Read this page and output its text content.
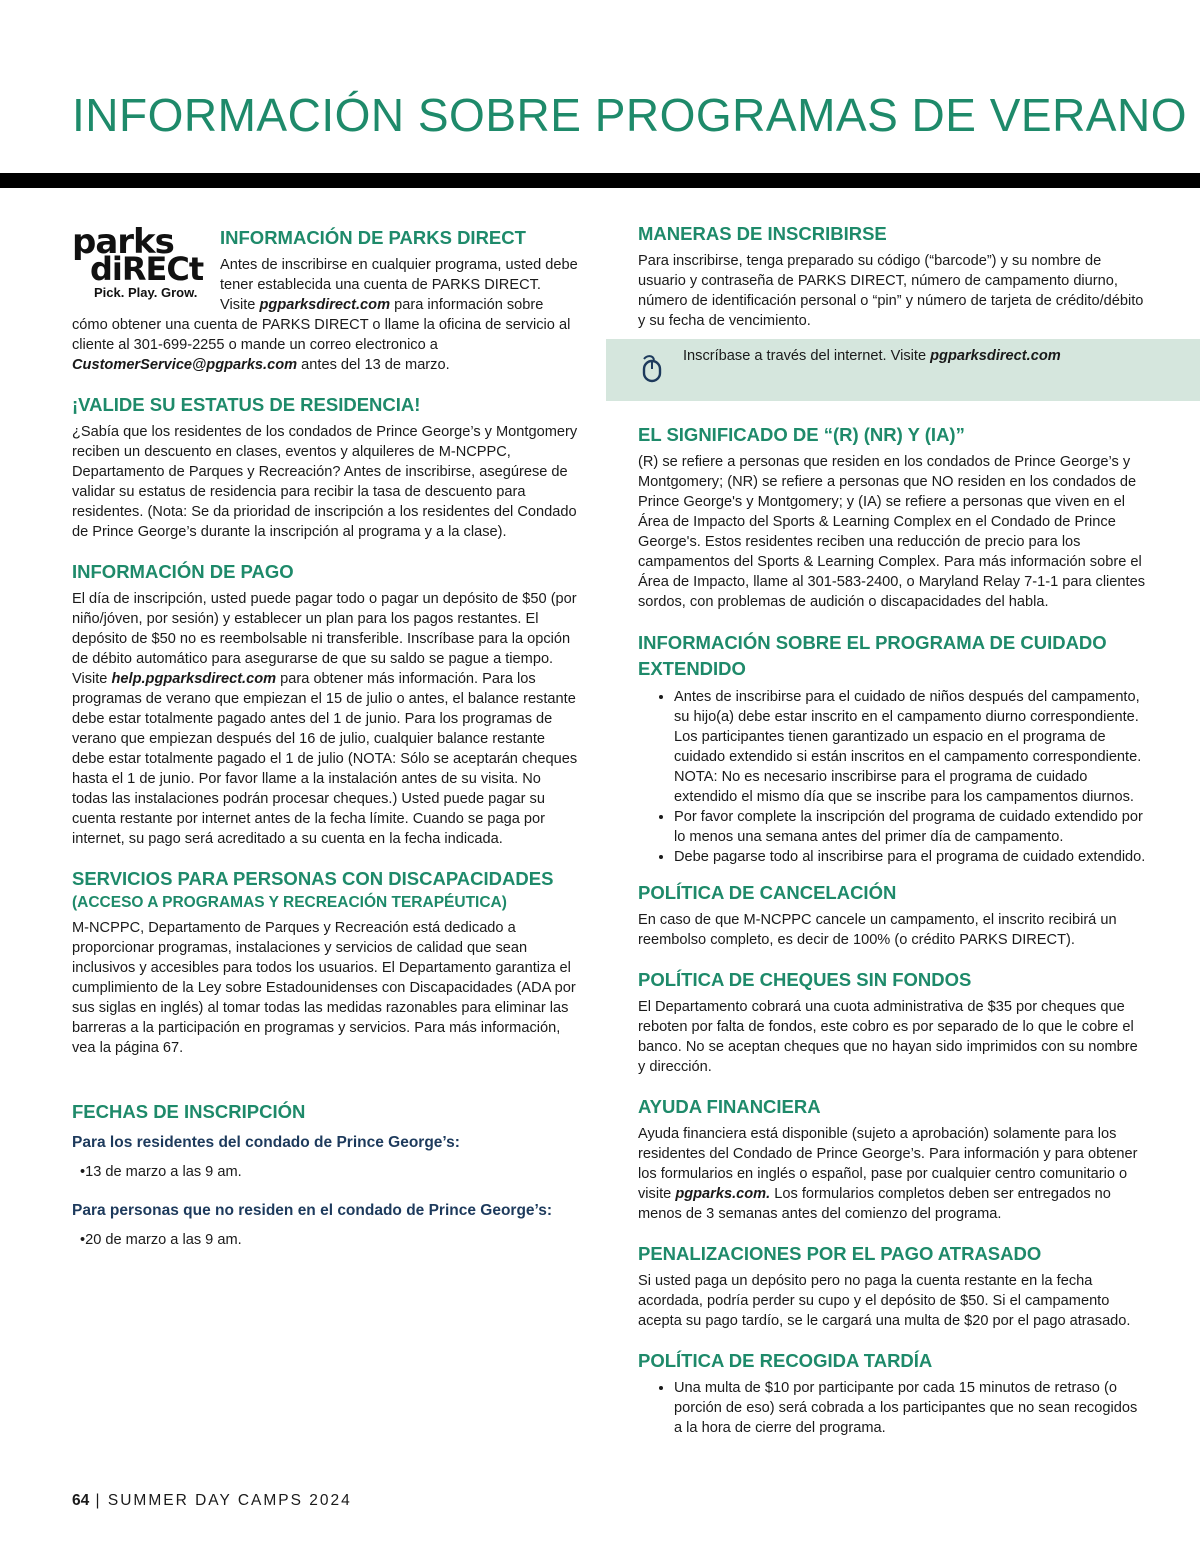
INFORMACIÓN SOBRE PROGRAMAS DE VERANO
parks
diRECt
Pick. Play. Grow.
INFORMACIÓN DE PARKS DIRECT

Antes de inscribirse en cualquier programa, usted debe tener establecida una cuenta de PARKS DIRECT. Visite pgparksdirect.com para información sobre cómo obtener una cuenta de PARKS DIRECT o llame la oficina de servicio al cliente al 301-699-2255 o mande un correo electronico a CustomerService@pgparks.com antes del 13 de marzo.

¡VALIDE SU ESTATUS DE RESIDENCIA!

¿Sabía que los residentes de los condados de Prince George’s y Montgomery reciben un descuento en clases, eventos y alquileres de M-NCPPC, Departamento de Parques y Recreación? Antes de inscribirse, asegúrese de validar su estatus de residencia para recibir la tasa de descuento para residentes. (Nota: Se da prioridad de inscripción a los residentes del Condado de Prince George’s durante la inscripción al programa y a la clase).

INFORMACIÓN DE PAGO

El día de inscripción, usted puede pagar todo o pagar un depósito de $50 (por niño/jóven, por sesión) y establecer un plan para los pagos restantes. El depósito de $50 no es reembolsable ni transferible. Inscríbase para la opción de débito automático para asegurarse de que su saldo se pague a tiempo. Visite help.pgparksdirect.com para obtener más información. Para los programas de verano que empiezan el 15 de julio o antes, el balance restante debe estar totalmente pagado antes del 1 de junio. Para los programas de verano que empiezan después del 16 de julio, cualquier balance restante debe estar totalmente pagado el 1 de julio (NOTA: Sólo se aceptarán cheques hasta el 1 de junio. Por favor llame a la instalación antes de su visita. No todas las instalaciones podrán procesar cheques.) Usted puede pagar su cuenta restante por internet antes de la fecha límite. Cuando se paga por internet, su pago será acreditado a su cuenta en la fecha indicada.

SERVICIOS PARA PERSONAS CON DISCAPACIDADES
(ACCESO A PROGRAMAS Y RECREACIÓN TERAPÉUTICA)

M-NCPPC, Departamento de Parques y Recreación está dedicado a proporcionar programas, instalaciones y servicios de calidad que sean inclusivos y accesibles para todos los usuarios. El Departamento garantiza el cumplimiento de la Ley sobre Estadounidenses con Discapacidades (ADA por sus siglas en inglés) al tomar todas las medidas razonables para eliminar las barreras a la participación en programas y servicios. Para más información, vea la página 67.

FECHAS DE INSCRIPCIÓN
Para los residentes del condado de Prince George’s:
•13 de marzo a las 9 am.
Para personas que no residen en el condado de Prince George’s:
•20 de marzo a las 9 am.
Inscríbase a través del internet. Visite pgparksdirect.com
MANERAS DE INSCRIBIRSE

Para inscribirse, tenga preparado su código (“barcode”) y su nombre de usuario y contraseña de PARKS DIRECT, número de campamento diurno, número de identificación personal o “pin” y número de tarjeta de crédito/débito y su fecha de vencimiento.

EL SIGNIFICADO DE “(R) (NR) Y (IA)”

(R) se refiere a personas que residen en los condados de Prince George’s y Montgomery; (NR) se refiere a personas que NO residen en los condados de Prince George's y Montgomery; y (IA) se refiere a personas que viven en el Área de Impacto del Sports & Learning Complex en el Condado de Prince George's. Estos residentes reciben una reducción de precio para los campamentos del Sports & Learning Complex. Para más información sobre el Área de Impacto, llame al 301-583-2400, o Maryland Relay 7-1-1 para clientes sordos, con problemas de audición o discapacidades del habla.

INFORMACIÓN SOBRE EL PROGRAMA DE CUIDADO EXTENDIDO
• Antes de inscribirse para el cuidado de niños después del campamento, su hijo(a) debe estar inscrito en el campamento diurno correspondiente. Los participantes tienen garantizado un espacio en el programa de cuidado extendido si están inscritos en el campamento correspondiente. NOTA: No es necesario inscribirse para el programa de cuidado extendido el mismo día que se inscribe para los campamentos diurnos.
• Por favor complete la inscripción del programa de cuidado extendido por lo menos una semana antes del primer día de campamento.
• Debe pagarse todo al inscribirse para el programa de cuidado extendido.
POLÍTICA DE CANCELACIÓN

En caso de que M-NCPPC cancele un campamento, el inscrito recibirá un reembolso completo, es decir de 100% (o crédito PARKS DIRECT).

POLÍTICA DE CHEQUES SIN FONDOS

El Departamento cobrará una cuota administrativa de $35 por cheques que reboten por falta de fondos, este cobro es por separado de lo que le cobre el banco. No se aceptan cheques que no hayan sido imprimidos con su nombre y dirección.

AYUDA FINANCIERA

Ayuda financiera está disponible (sujeto a aprobación) solamente para los residentes del Condado de Prince George’s. Para información y para obtener los formularios en inglés o español, pase por cualquier centro comunitario o visite pgparks.com. Los formularios completos deben ser entregados no menos de 3 semanas antes del comienzo del programa.

PENALIZACIONES POR EL PAGO ATRASADO

Si usted paga un depósito pero no paga la cuenta restante en la fecha acordada, podría perder su cupo y el depósito de $50. Si el campamento acepta su pago tardío, se le cargará una multa de $20 por el pago atrasado.

POLÍTICA DE RECOGIDA TARDÍA
• Una multa de $10 por participante por cada 15 minutos de retraso (o porción de eso) será cobrada a los participantes que no sean recogidos a la hora de cierre del programa.
64 | SUMMER DAY CAMPS 2024
